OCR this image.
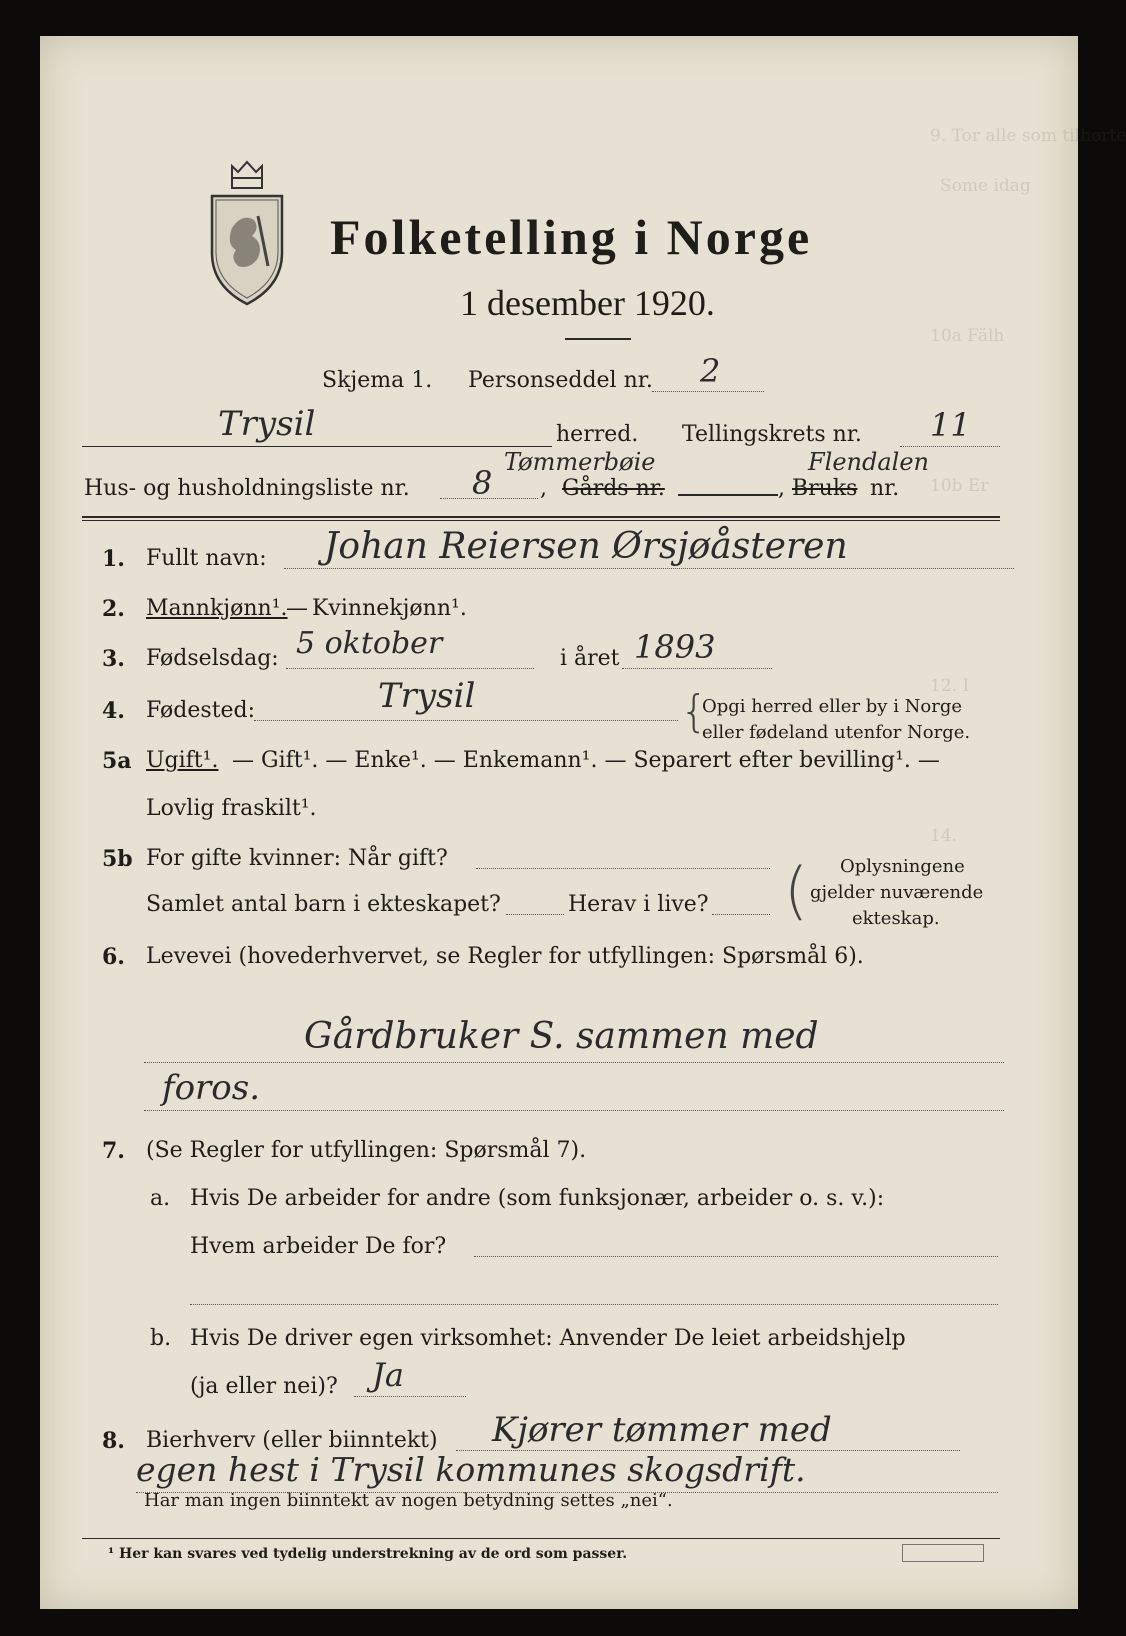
9. Tor alle som tilhørte
Some idag
10a Fälh
10b Er
12. I
14.
Folketelling i Norge
1 desember 1920.
Skjema 1. Personseddel nr. 2
Trysil	herred. Tellingskrets nr. 11
Hus- og husholdningsliste nr. 8 , Gårds nr.
Tømmerbøie
, Bruks
Flendalen
nr.
1. Fullt navn: Johan Reiersen Ørsjøåsteren
2. Mannkjønn¹.
— Kvinnekjønn¹.
3. Fødselsdag: 5 oktober	i året 1893
4. Fødested:	Trysil	{
Opgi herred eller by i Norge
eller fødeland utenfor Norge.
5a Ugift¹. — Gift¹. — Enke¹. — Enkemann¹. — Separert efter bevilling¹. —
Lovlig fraskilt¹.
5b For gifte kvinner: Når gift?
Samlet antal barn i ekteskapet?	Herav i live? ( Oplysningene
gjelder nuværende
ekteskap.
6. Levevei (hovederhvervet, se Regler for utfyllingen: Spørsmål 6).
Gårdbruker S. sammen med
foros.
7. (Se Regler for utfyllingen: Spørsmål 7).
a. Hvis De arbeider for andre (som funksjonær, arbeider o. s. v.):
Hvem arbeider De for?
b. Hvis De driver egen virksomhet: Anvender De leiet arbeidshjelp
(ja eller nei)? Ja
8. Bierhverv (eller biinntekt) Kjører tømmer med
egen hest i Trysil kommunes skogsdrift.
Har man ingen biinntekt av nogen betydning settes „nei“.
¹ Her kan svares ved tydelig understrekning av de ord som passer.
